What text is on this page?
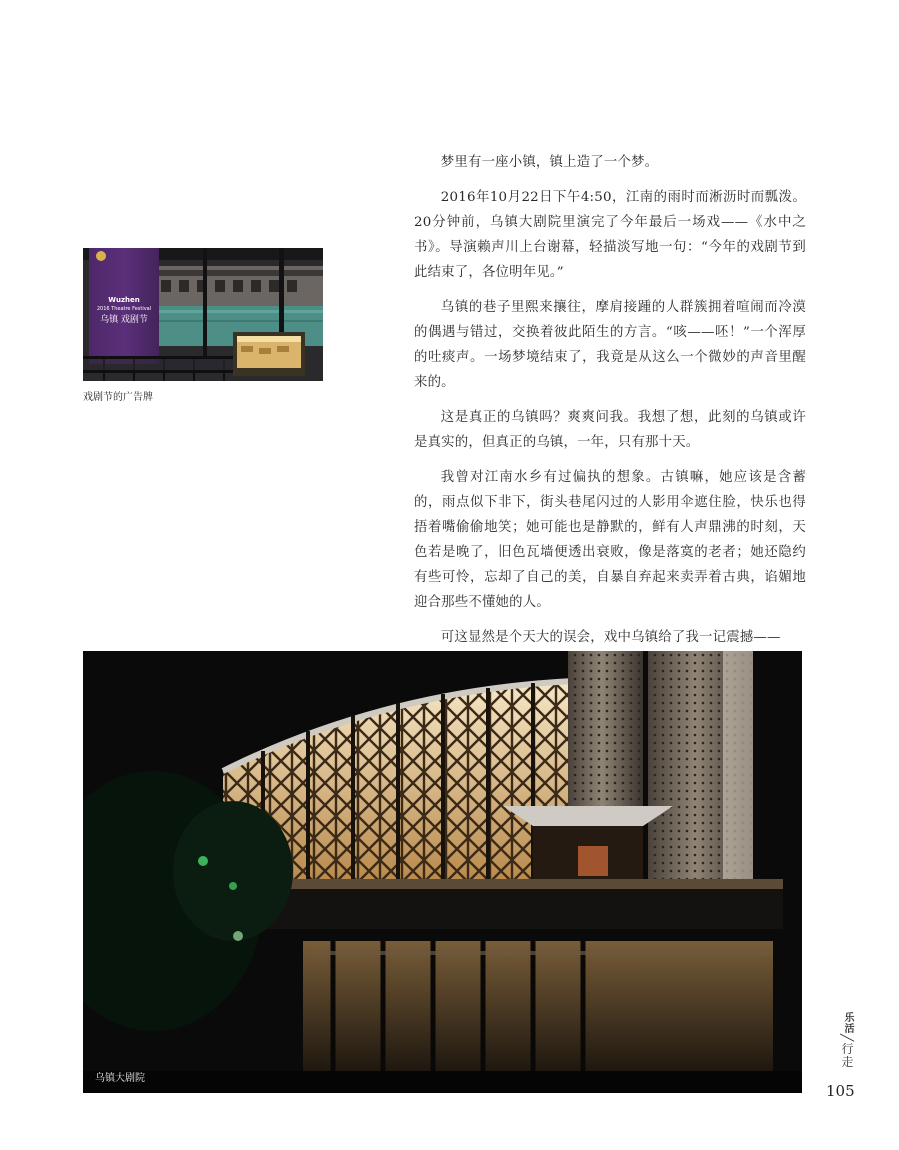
梦里有一座小镇，镇上造了一个梦。

2016年10月22日下午4:50，江南的雨时而淅沥时而瓢泼。20分钟前，乌镇大剧院里演完了今年最后一场戏——《水中之书》。导演赖声川上台谢幕，轻描淡写地一句：“今年的戏剧节到此结束了，各位明年见。”

乌镇的巷子里熙来攘往，摩肩接踵的人群簇拥着喧闹而冷漠的偶遇与错过，交换着彼此陌生的方言。“咳——呸！”一个浑厚的吐痰声。一场梦境结束了，我竟是从这么一个微妙的声音里醒来的。

这是真正的乌镇吗？爽爽问我。我想了想，此刻的乌镇或许是真实的，但真正的乌镇，一年，只有那十天。

我曾对江南水乡有过偏执的想象。古镇嘛，她应该是含蓄的，雨点似下非下，街头巷尾闪过的人影用伞遮住脸，快乐也得捂着嘴偷偷地笑；她可能也是静默的，鲜有人声鼎沸的时刻，天色若是晚了，旧色瓦墙便透出衰败，像是落寞的老者；她还隐约有些可怜，忘却了自己的美，自暴自弃起来卖弄着古典，谄媚地迎合那些不懂她的人。

可这显然是个天大的误会，戏中乌镇给了我一记震撼——

Wuzhen
2016 Theatre Festival
乌镇 戏剧节
戏剧节的广告牌
乌镇大剧院
乐活╱行走
105
